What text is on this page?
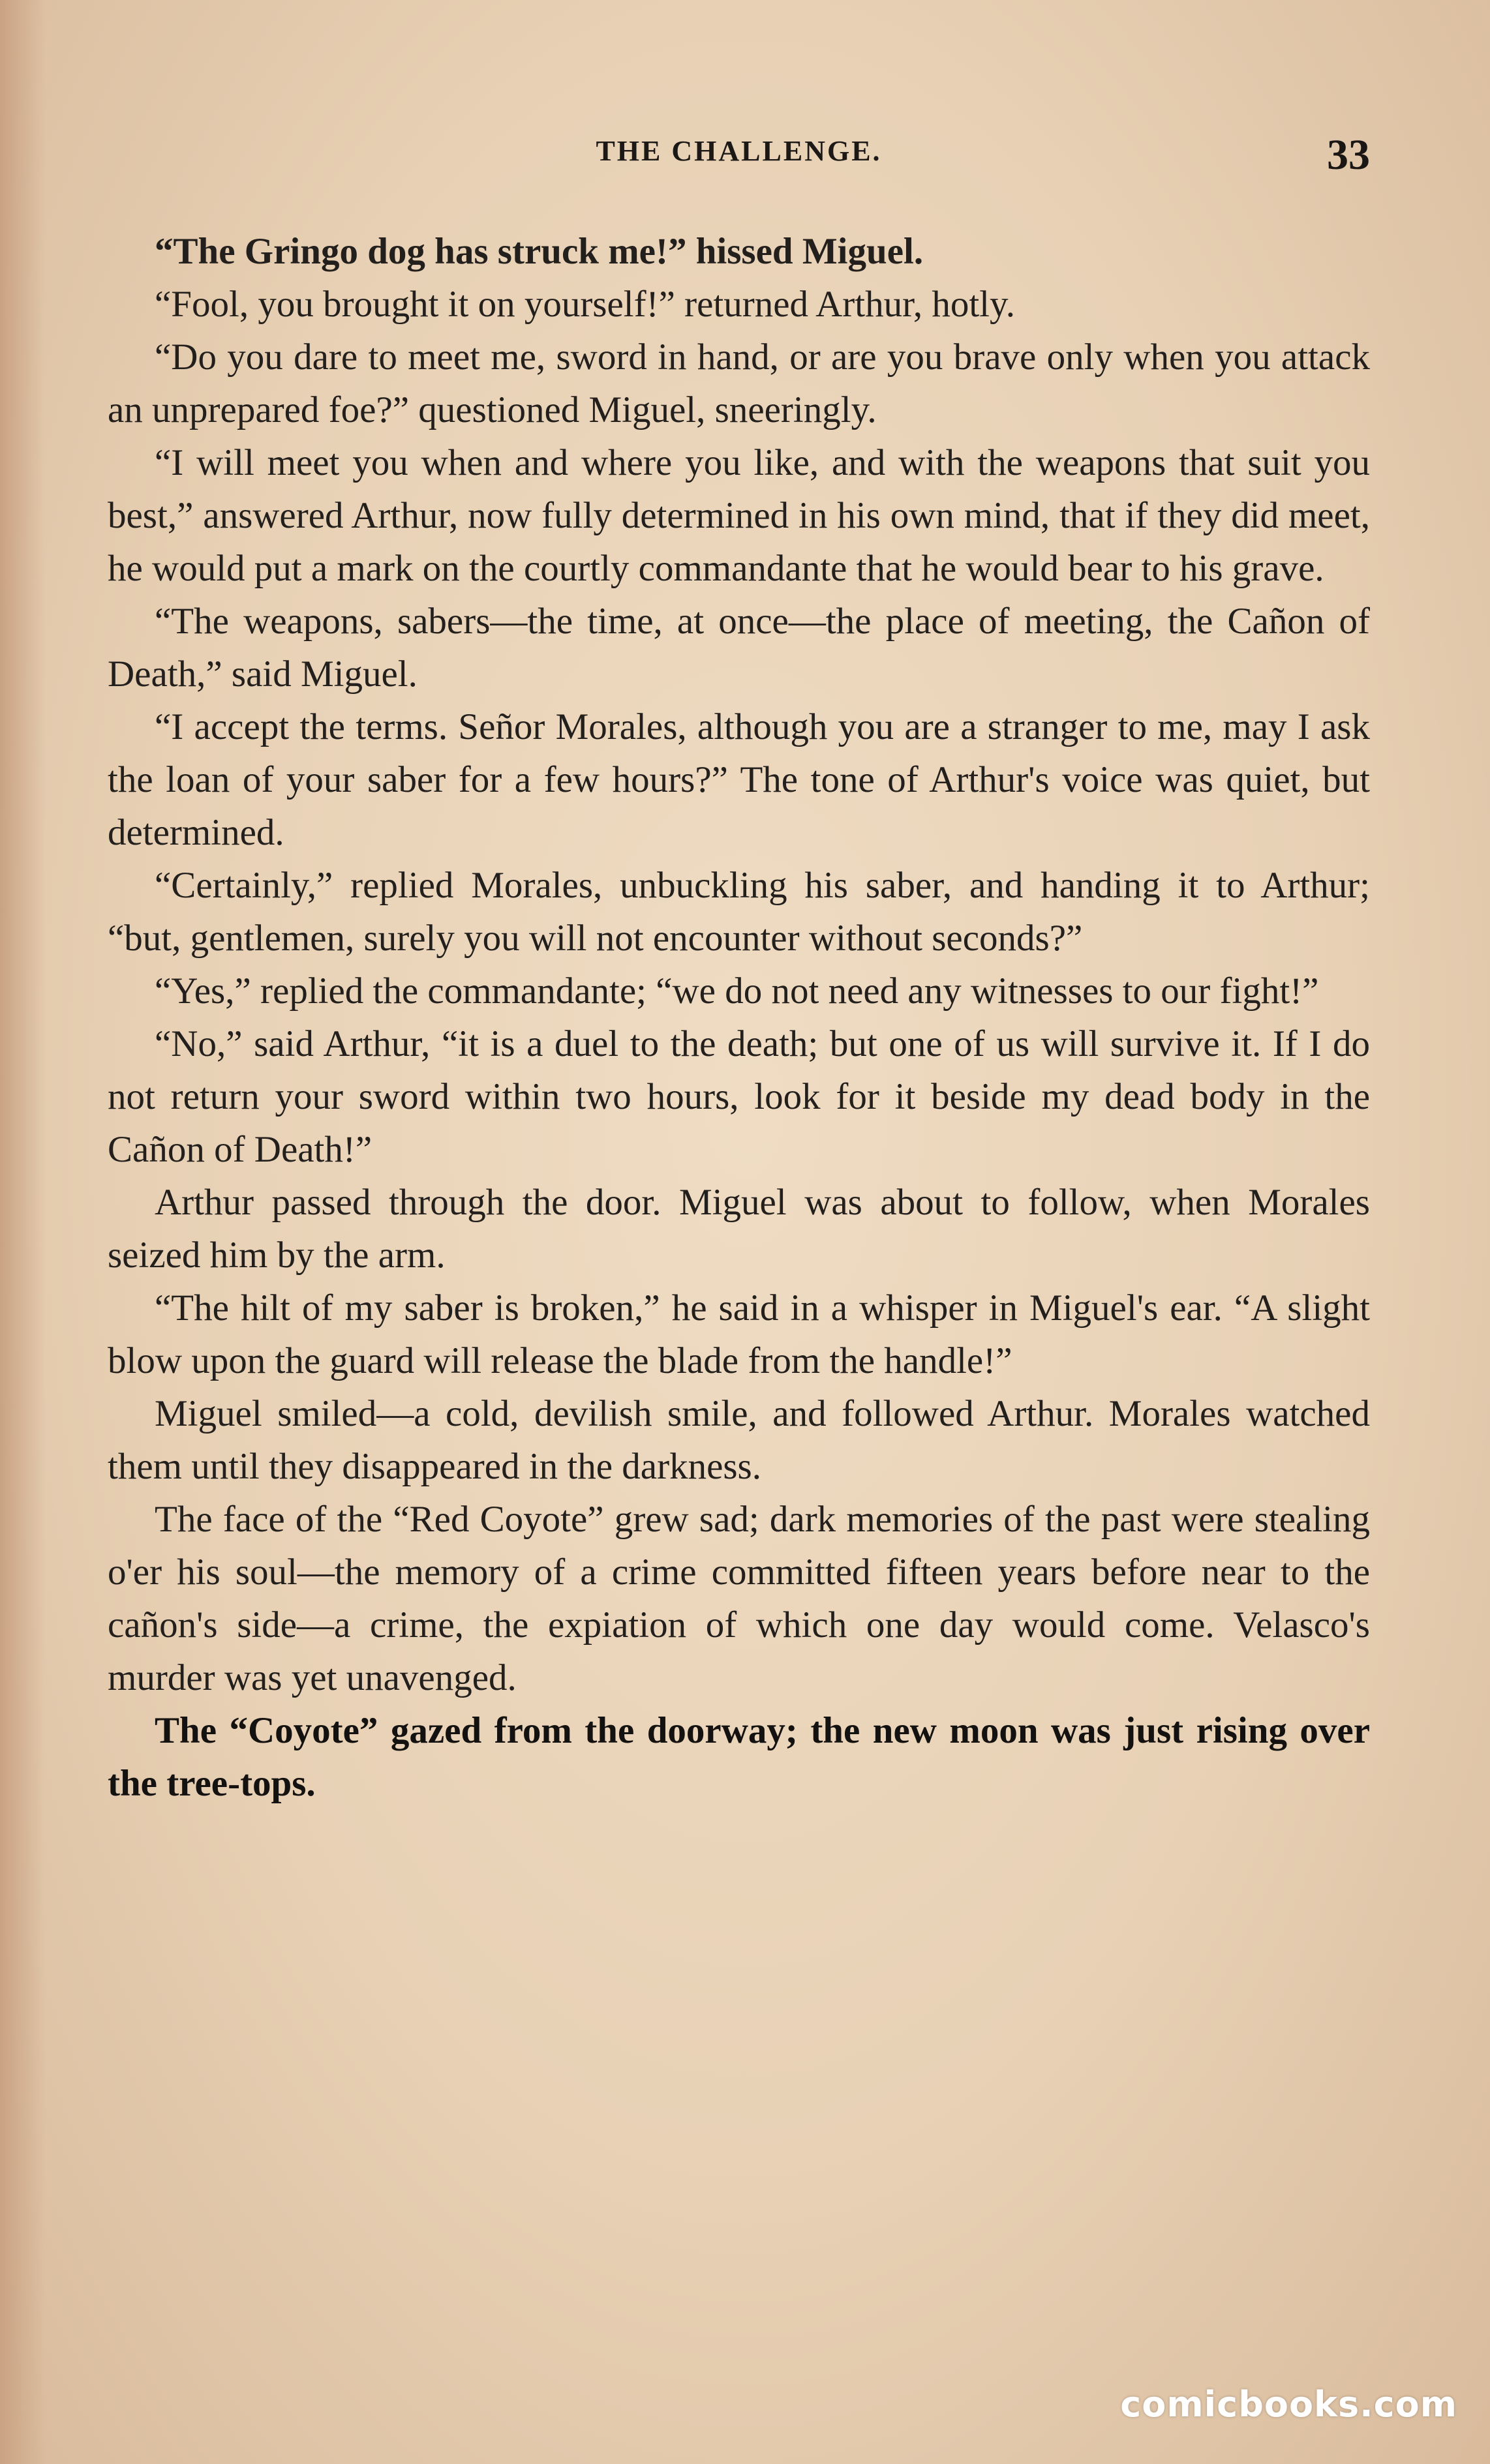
THE CHALLENGE.	33

“The Gringo dog has struck me!” hissed Miguel.

“Fool, you brought it on yourself!” returned Arthur, hotly.

“Do you dare to meet me, sword in hand, or are you brave only when you attack an unprepared foe?” questioned Miguel, sneeringly.

“I will meet you when and where you like, and with the weapons that suit you best,” answered Arthur, now fully determined in his own mind, that if they did meet, he would put a mark on the courtly commandante that he would bear to his grave.

“The weapons, sabers—the time, at once—the place of meeting, the Cañon of Death,” said Miguel.

“I accept the terms. Señor Morales, although you are a stranger to me, may I ask the loan of your saber for a few hours?” The tone of Arthur's voice was quiet, but determined.

“Certainly,” replied Morales, unbuckling his saber, and handing it to Arthur; “but, gentlemen, surely you will not encounter without seconds?”

“Yes,” replied the commandante; “we do not need any witnesses to our fight!”

“No,” said Arthur, “it is a duel to the death; but one of us will survive it. If I do not return your sword within two hours, look for it beside my dead body in the Cañon of Death!”

Arthur passed through the door. Miguel was about to follow, when Morales seized him by the arm.

“The hilt of my saber is broken,” he said in a whisper in Miguel's ear. “A slight blow upon the guard will release the blade from the handle!”

Miguel smiled—a cold, devilish smile, and followed Arthur. Morales watched them until they disappeared in the darkness.

The face of the “Red Coyote” grew sad; dark memories of the past were stealing o'er his soul—the memory of a crime committed fifteen years before near to the cañon's side—a crime, the expiation of which one day would come. Velasco's murder was yet unavenged.

The “Coyote” gazed from the doorway; the new moon was just rising over the tree-tops.

comicbooks.com
